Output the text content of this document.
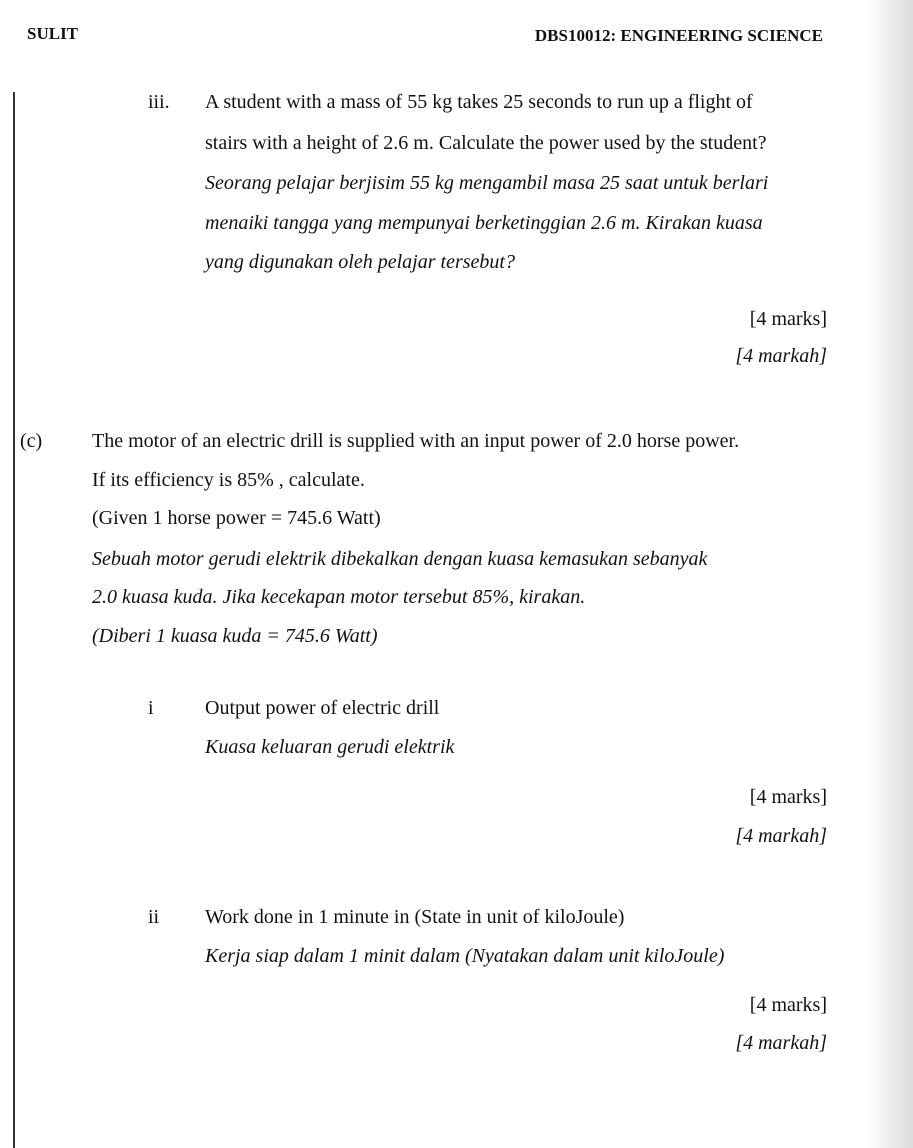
SULIT	DBS10012: ENGINEERING SCIENCE
iii. A student with a mass of 55 kg takes 25 seconds to run up a flight of
stairs with a height of 2.6 m. Calculate the power used by the student?
Seorang pelajar berjisim 55 kg mengambil masa 25 saat untuk berlari
menaiki tangga yang mempunyai berketinggian 2.6 m. Kirakan kuasa
yang digunakan oleh pelajar tersebut?
[4 marks]
[4 markah]
(c) The motor of an electric drill is supplied with an input power of 2.0 horse power.
If its efficiency is 85% , calculate.
(Given 1 horse power = 745.6 Watt)
Sebuah motor gerudi elektrik dibekalkan dengan kuasa kemasukan sebanyak
2.0 kuasa kuda. Jika kecekapan motor tersebut 85%, kirakan.
(Diberi 1 kuasa kuda = 745.6 Watt)
i	Output power of electric drill
Kuasa keluaran gerudi elektrik
[4 marks]
[4 markah]
ii Work done in 1 minute in (State in unit of kiloJoule)
Kerja siap dalam 1 minit dalam (Nyatakan dalam unit kiloJoule)
[4 marks]
[4 markah]
